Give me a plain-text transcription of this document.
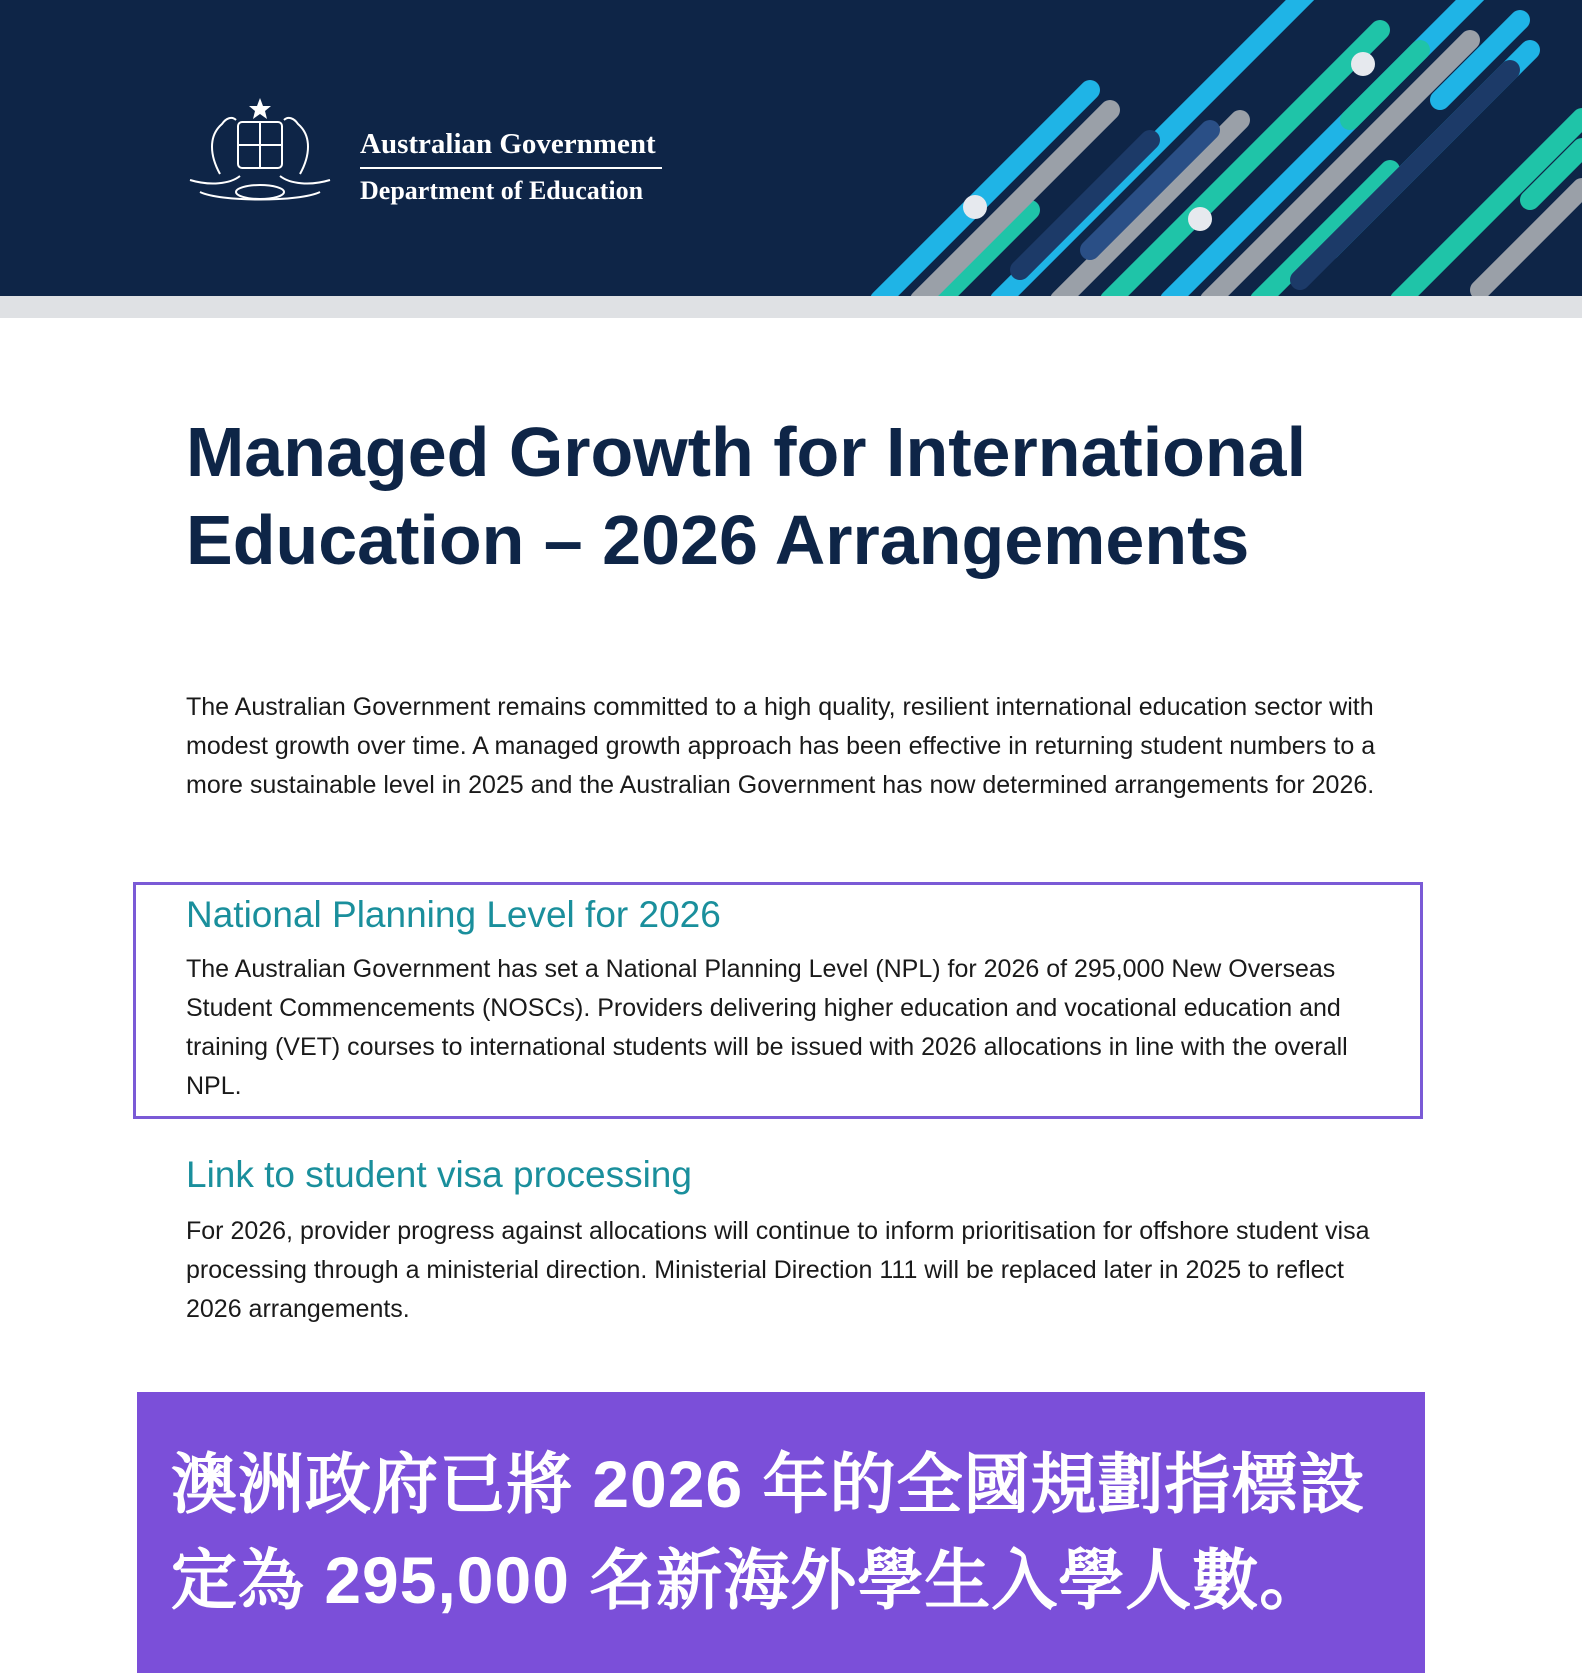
Australian Government
Department of Education
Managed Growth for International Education – 2026 Arrangements

The Australian Government remains committed to a high quality, resilient international education sector with modest growth over time. A managed growth approach has been effective in returning student numbers to a more sustainable level in 2025 and the Australian Government has now determined arrangements for 2026.

National Planning Level for 2026

The Australian Government has set a National Planning Level (NPL) for 2026 of 295,000 New Overseas Student Commencements (NOSCs). Providers delivering higher education and vocational education and training (VET) courses to international students will be issued with 2026 allocations in line with the overall NPL.

Link to student visa processing

For 2026, provider progress against allocations will continue to inform prioritisation for offshore student visa processing through a ministerial direction. Ministerial Direction 111 will be replaced later in 2025 to reflect 2026 arrangements.

澳洲政府已將 2026 年的全國規劃指標設定為 295,000 名新海外學生入學人數。
